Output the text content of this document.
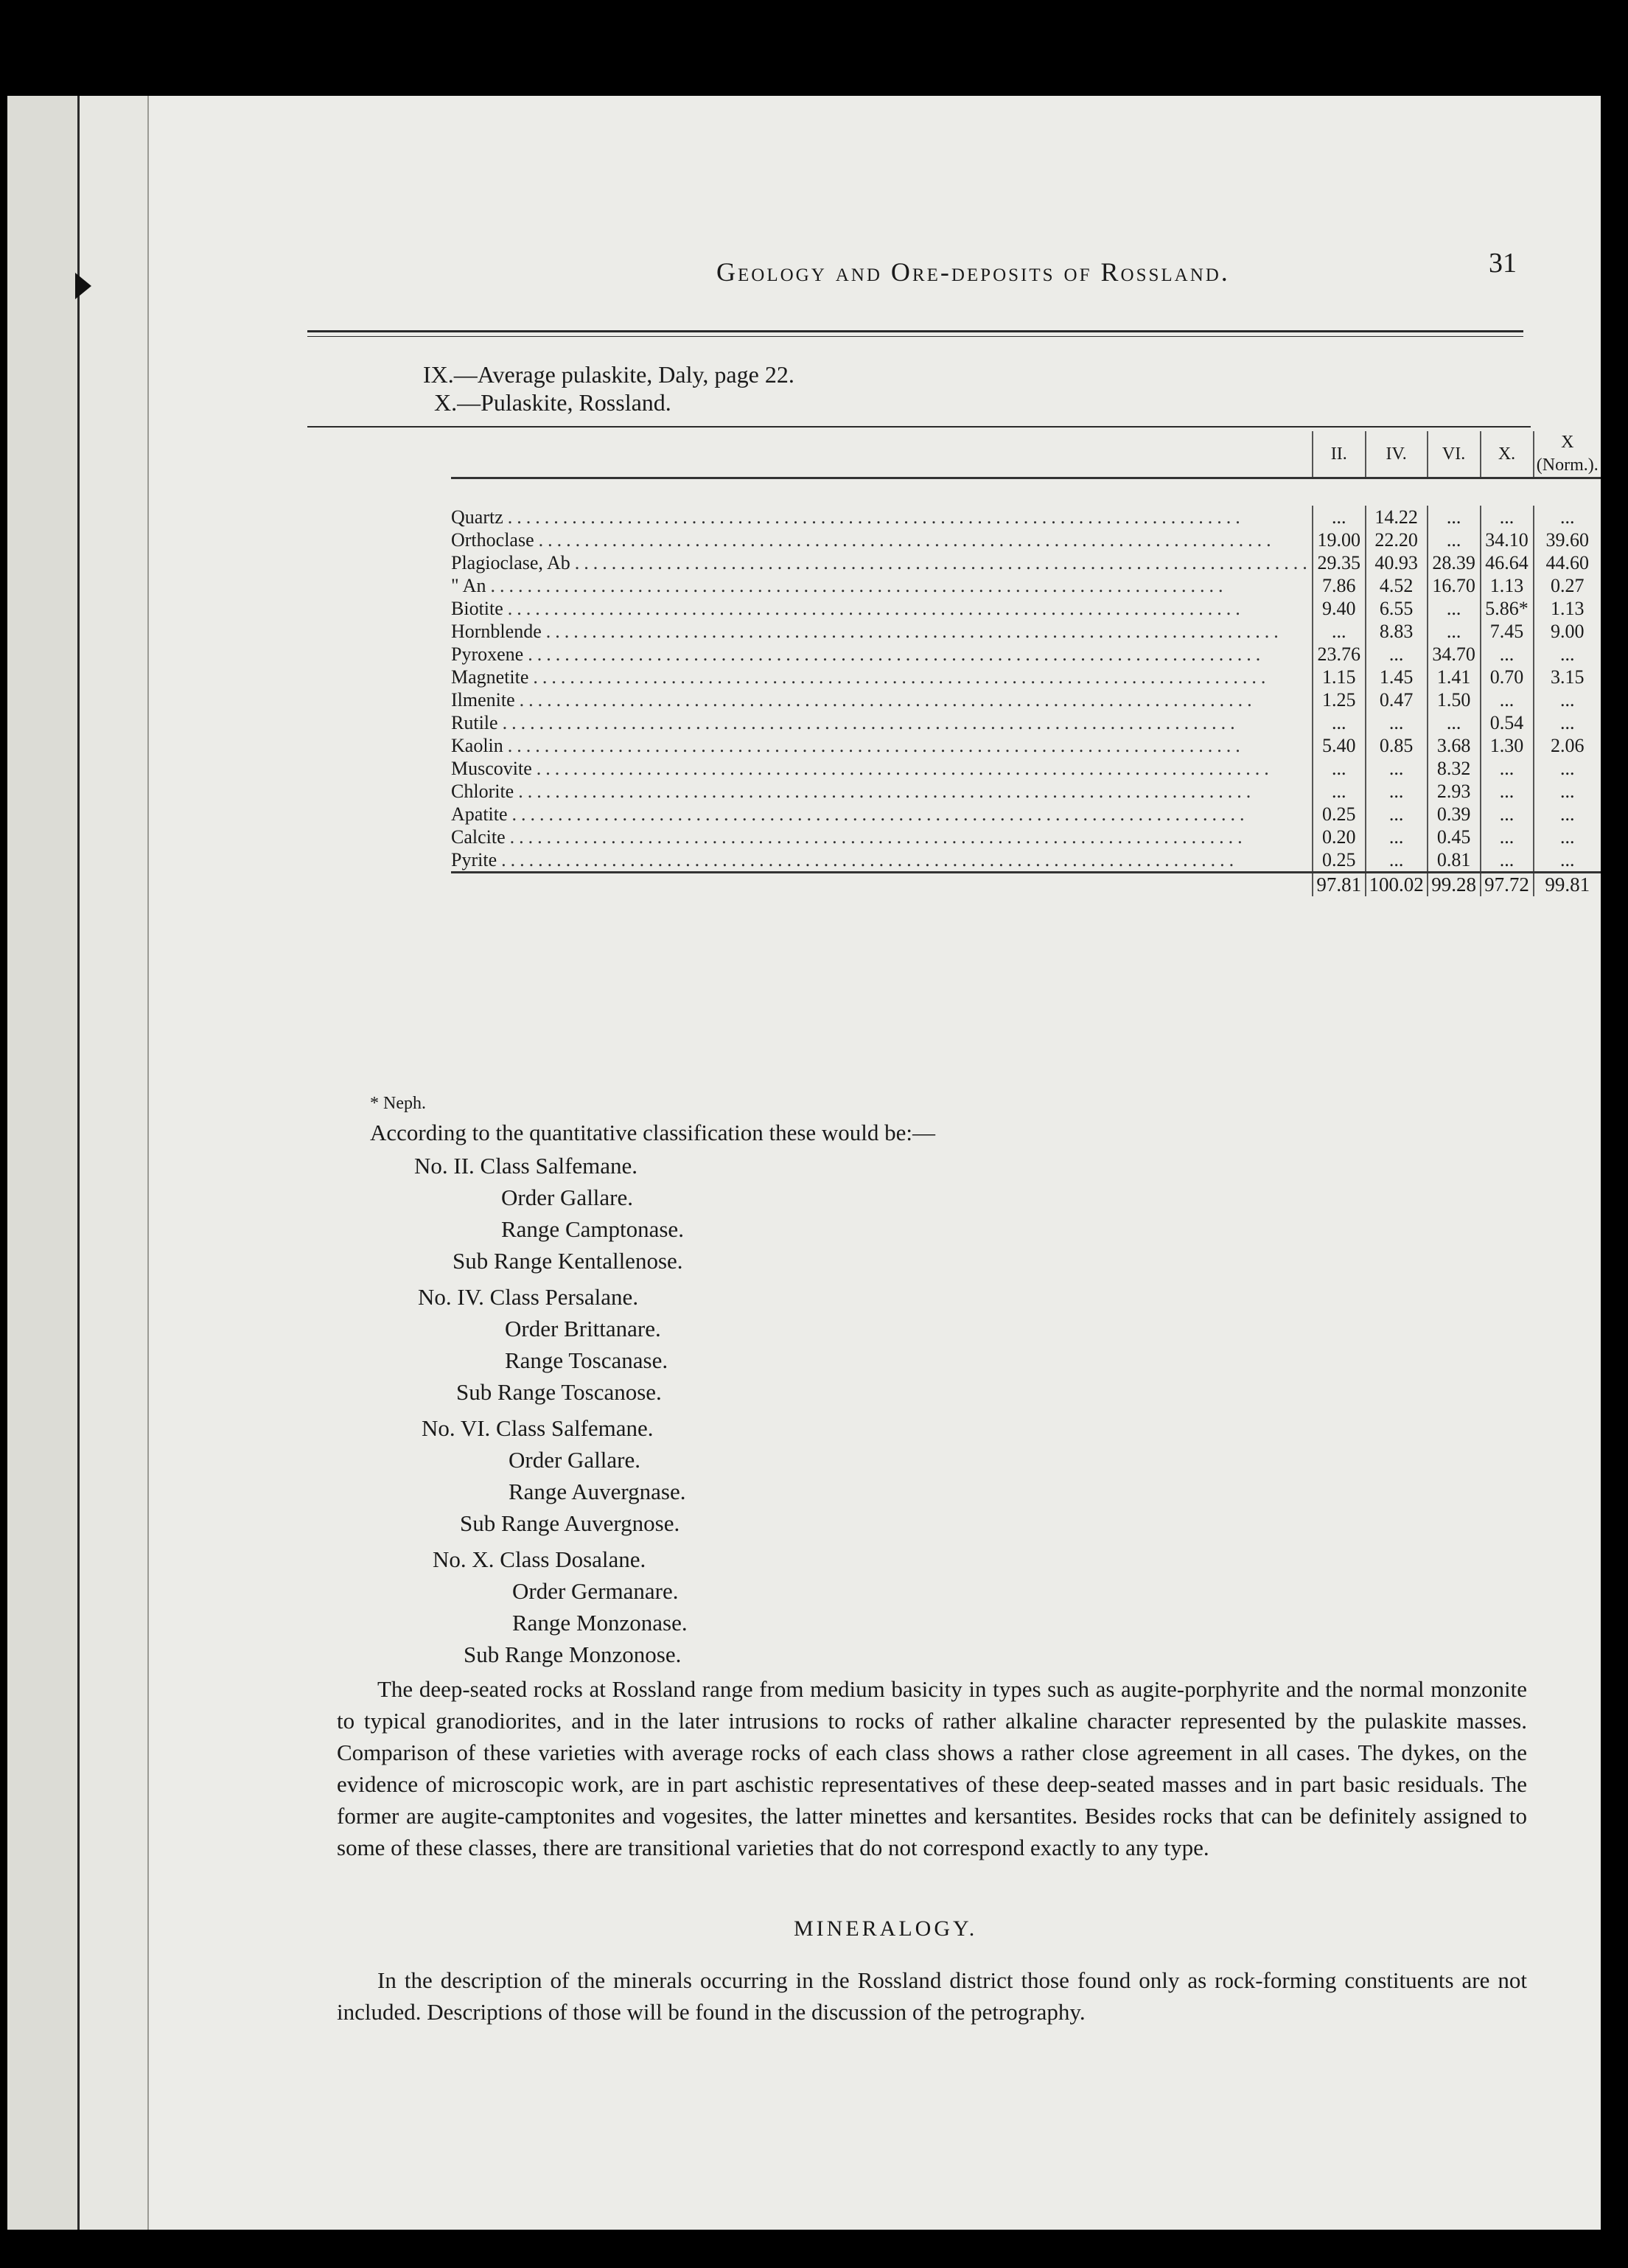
Geology and Ore-deposits of Rossland.	31
IX.—Average pulaskite, Daly, page 22.
X.—Pulaskite, Rossland.
	II.	IV.	VI.	X.	X (Norm.).

Quartz ................................................................................	...	14.22	...	...	...
Orthoclase ................................................................................	19.00	22.20	...	34.10	39.60
Plagioclase, Ab ................................................................................	29.35	40.93	28.39	46.64	44.60
" An ................................................................................	7.86	4.52	16.70	1.13	0.27
Biotite ................................................................................	9.40	6.55	...	5.86*	1.13
Hornblende ................................................................................	...	8.83	...	7.45	9.00
Pyroxene ................................................................................	23.76	...	34.70	...	...
Magnetite ................................................................................	1.15	1.45	1.41	0.70	3.15
Ilmenite ................................................................................	1.25	0.47	1.50	...	...
Rutile ................................................................................	...	...	...	0.54	...
Kaolin ................................................................................	5.40	0.85	3.68	1.30	2.06
Muscovite ................................................................................	...	...	8.32	...	...
Chlorite ................................................................................	...	...	2.93	...	...
Apatite ................................................................................	0.25	...	0.39	...	...
Calcite ................................................................................	0.20	...	0.45	...	...
Pyrite ................................................................................	0.25	...	0.81	...	...
	97.81	100.02	99.28	97.72	99.81
* Neph.
According to the quantitative classification these would be:—
No. II. Class Salfemane.
Order Gallare.
Range Camptonase.
Sub Range Kentallenose.
No. IV. Class Persalane.
Order Brittanare.
Range Toscanase.
Sub Range Toscanose.
No. VI. Class Salfemane.
Order Gallare.
Range Auvergnase.
Sub Range Auvergnose.
No. X. Class Dosalane.
Order Germanare.
Range Monzonase.
Sub Range Monzonose.
The deep-seated rocks at Rossland range from medium basicity in types such as augite-porphyrite and the normal monzonite to typical granodiorites, and in the later intrusions to rocks of rather alkaline character represented by the pulaskite masses. Comparison of these varieties with average rocks of each class shows a rather close agreement in all cases. The dykes, on the evidence of microscopic work, are in part aschistic representatives of these deep-seated masses and in part basic residuals. The former are augite-camptonites and vogesites, the latter minettes and kersantites. Besides rocks that can be definitely assigned to some of these classes, there are transitional varieties that do not correspond exactly to any type.
MINERALOGY.
In the description of the minerals occurring in the Rossland district those found only as rock-forming constituents are not included. Descriptions of those will be found in the discussion of the petrography.
